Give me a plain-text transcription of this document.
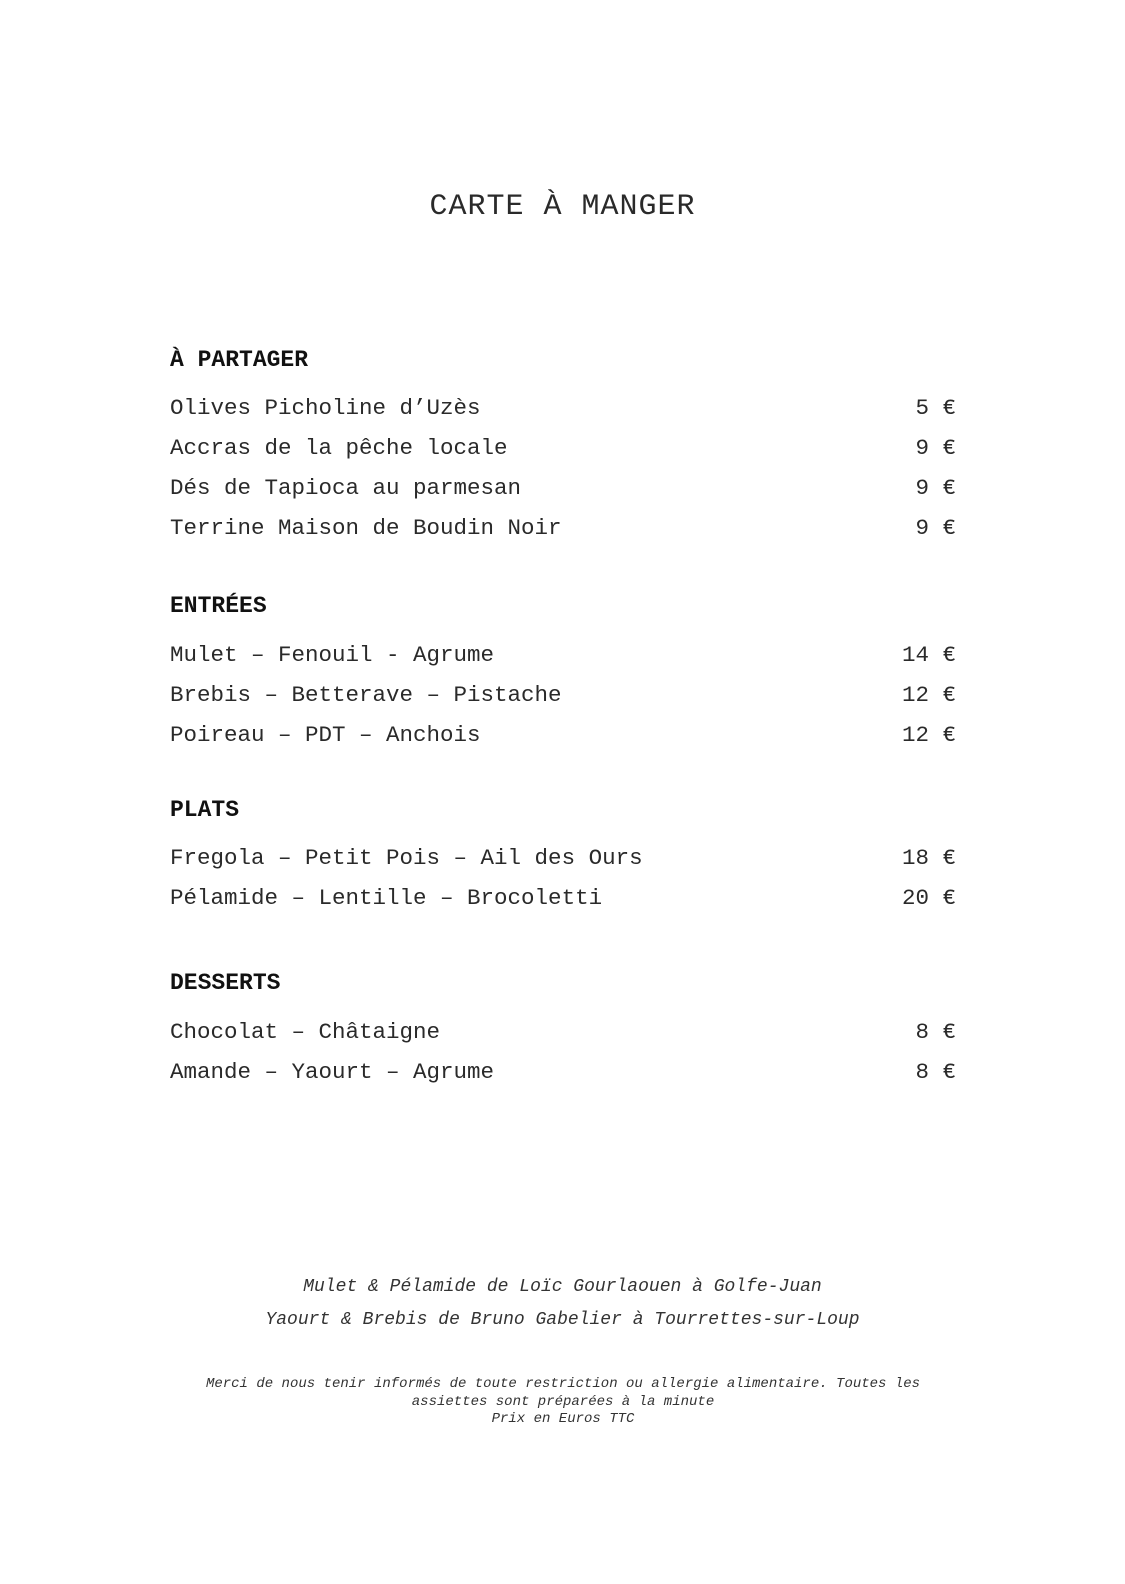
CARTE À MANGER
À PARTAGER
Olives Picholine d’Uzès	5 €
Accras de la pêche locale	9 €
Dés de Tapioca au parmesan	9 €
Terrine Maison de Boudin Noir	9 €
ENTRÉES
Mulet – Fenouil - Agrume	14 €
Brebis – Betterave – Pistache	12 €
Poireau – PDT – Anchois	12 €
PLATS
Fregola – Petit Pois – Ail des Ours	18 €
Pélamide – Lentille – Brocoletti	20 €
DESSERTS
Chocolat – Châtaigne	8 €
Amande – Yaourt – Agrume	8 €
Mulet & Pélamide de Loïc Gourlaouen à Golfe-Juan
Yaourt & Brebis de Bruno Gabelier à Tourrettes-sur-Loup
Merci de nous tenir informés de toute restriction ou allergie alimentaire. Toutes les
assiettes sont préparées à la minute
Prix en Euros TTC
